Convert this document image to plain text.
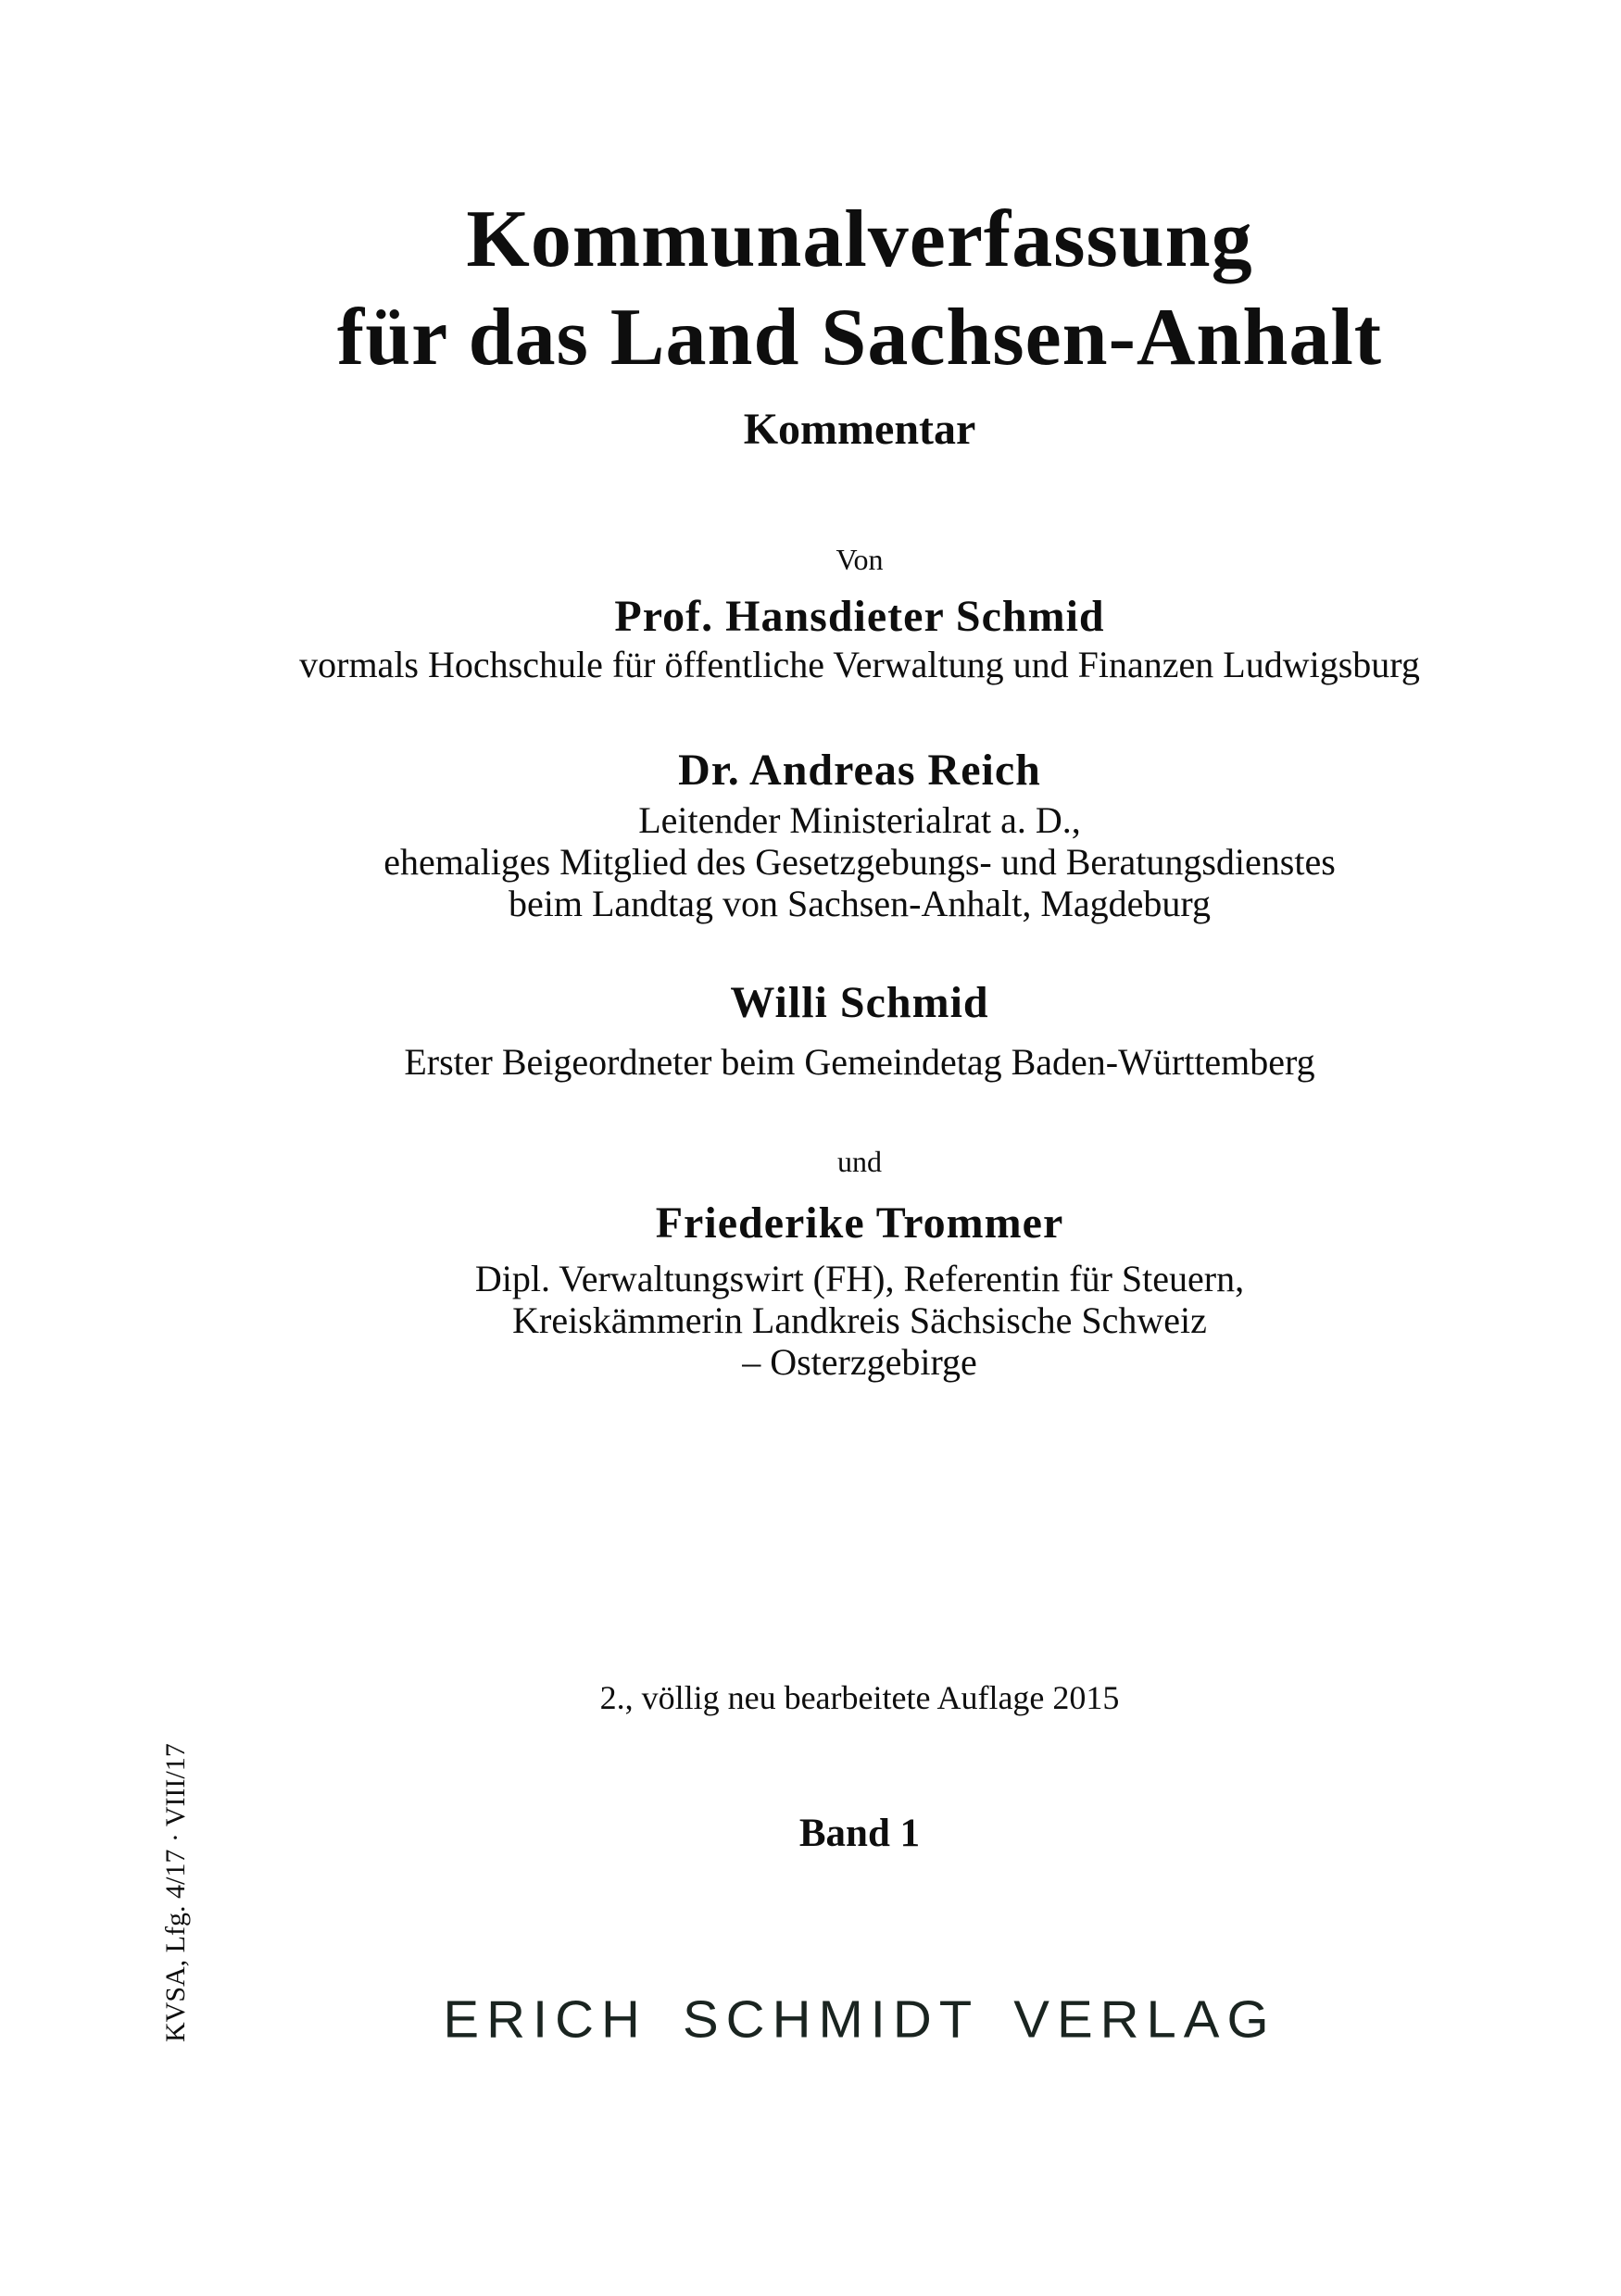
Kommunalverfassung
für das Land Sachsen-Anhalt
Kommentar
Von
Prof. Hansdieter Schmid
vormals Hochschule für öffentliche Verwaltung und Finanzen Ludwigsburg
Dr. Andreas Reich
Leitender Ministerialrat a. D.,
ehemaliges Mitglied des Gesetzgebungs- und Beratungsdienstes
beim Landtag von Sachsen-Anhalt, Magdeburg
Willi Schmid
Erster Beigeordneter beim Gemeindetag Baden-Württemberg
und
Friederike Trommer
Dipl. Verwaltungswirt (FH), Referentin für Steuern,
Kreiskämmerin Landkreis Sächsische Schweiz
– Osterzgebirge
2., völlig neu bearbeitete Auflage 2015
Band 1
ERICH SCHMIDT VERLAG
KVSA, Lfg. 4/17 · VIII/17
